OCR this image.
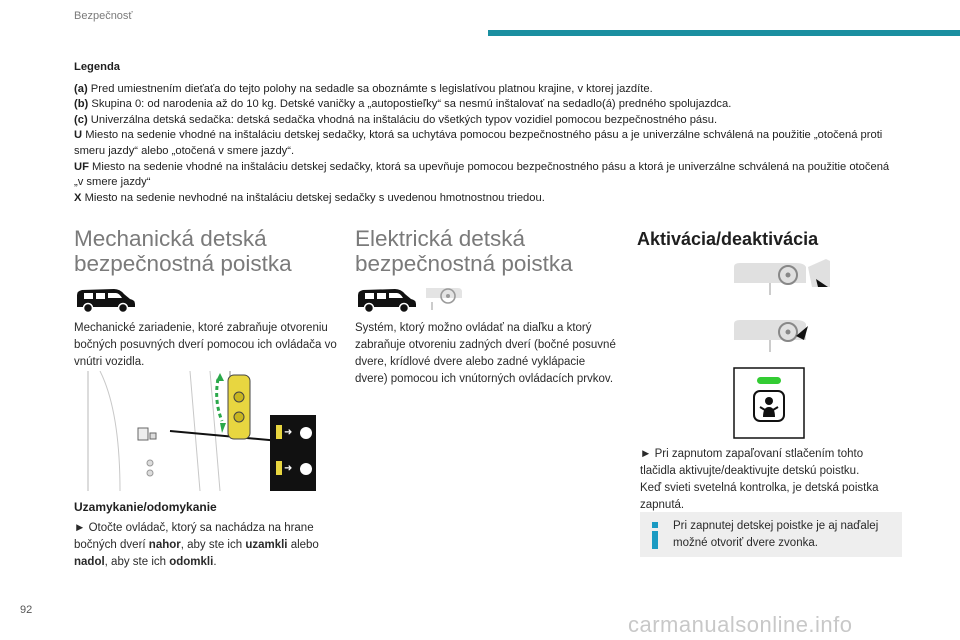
Bezpečnosť
Legenda

(a) Pred umiestnením dieťaťa do tejto polohy na sedadle sa oboznámte s legislatívou platnou krajine, v ktorej jazdíte.

(b) Skupina 0: od narodenia až do 10 kg. Detské vaničky a „autopostieľky“ sa nesmú inštalovať na sedadlo(á) predného spolujazdca.

(c) Univerzálna detská sedačka: detská sedačka vhodná na inštaláciu do všetkých typov vozidiel pomocou bezpečnostného pásu.

U Miesto na sedenie vhodné na inštaláciu detskej sedačky, ktorá sa uchytáva pomocou bezpečnostného pásu a je univerzálne schválená na použitie „otočená proti smeru jazdy“ alebo „otočená v smere jazdy“.

UF Miesto na sedenie vhodné na inštaláciu detskej sedačky, ktorá sa upevňuje pomocou bezpečnostného pásu a ktorá je univerzálne schválená na použitie otočená „v smere jazdy“

X Miesto na sedenie nevhodné na inštaláciu detskej sedačky s uvedenou hmotnostnou triedou.

Mechanická detská
bezpečnostná poistka
Mechanické zariadenie, ktoré zabraňuje otvoreniu bočných posuvných dverí pomocou ich ovládača vo vnútri vozidla.
➜
➜
Uzamykanie/odomykanie
► Otočte ovládač, ktorý sa nachádza na hrane bočných dverí nahor, aby ste ich uzamkli alebo nadol, aby ste ich odomkli.
Elektrická detská
bezpečnostná poistka
Systém, ktorý možno ovládať na diaľku a ktorý zabraňuje otvoreniu zadných dverí (bočné posuvné dvere, krídlové dvere alebo zadné vyklápacie dvere) pomocou ich vnútorných ovládacích prvkov.
Aktivácia/deaktivácia
► Pri zapnutom zapaľovaní stlačením tohto tlačidla aktivujte/deaktivujte detskú poistku.
Keď svieti svetelná kontrolka, je detská poistka zapnutá.
Pri zapnutej detskej poistke je aj naďalej možné otvoriť dvere zvonka.
92
carmanualsonline.info
